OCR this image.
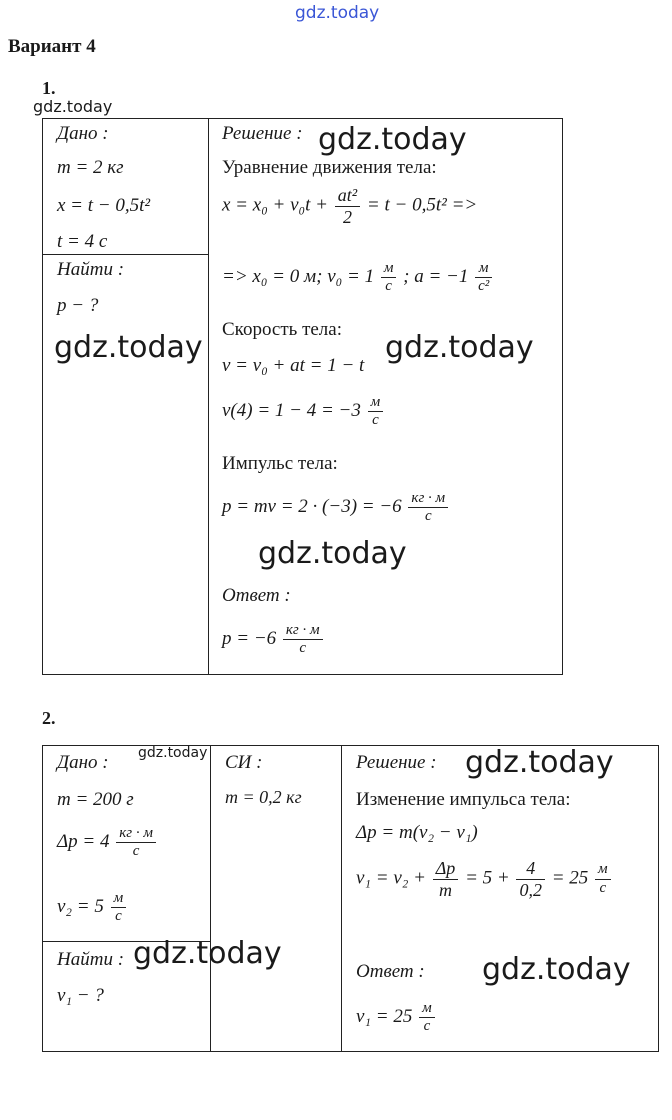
gdz.today
Вариант 4
1.
gdz.today
Дано :
m = 2 кг
x = t − 0,5t²
t = 4 с
Найти :
p − ?
gdz.today
Решение : gdz.today
Уравнение движения тела:
$x = x_0 + v_0t + \frac{\text{at²}}{2} = t - 0,5t^2$ =>
=> x₀ = 0 м; $v_0 = 1 \frac{м}{с}$ ; $a = -1 \frac{м}{\text{с²}}$
Скорость тела:
gdz.today
v = v₀ + at = 1 − t
$v(4) = 1 - 4 = -3 \frac{м}{с}$
Импульс тела:
p = mv = $2 \cdot (-3) = -6 \frac{кг \cdot м}{с}$
gdz.today
Ответ :
$p = -6 \frac{кг \cdot м}{с}$
2.
Дано : gdz.today
m = 200 г
$\Delta p = 4 \frac{кг \cdot м}{с}$
$v_2 = 5 \frac{м}{с}$
Найти : gdz.today
v₁ − ?
СИ :
m = 0,2 кг
Решение : gdz.today
Изменение импульса тела:
Δp = m(v₂ − v₁)
$v_1 = v_2 + \frac{\Delta p}{m} = 5 + \frac{4}{0,2} = 25 \frac{м}{с}$
Ответ : gdz.today
$v_1 = 25 \frac{м}{с}$
